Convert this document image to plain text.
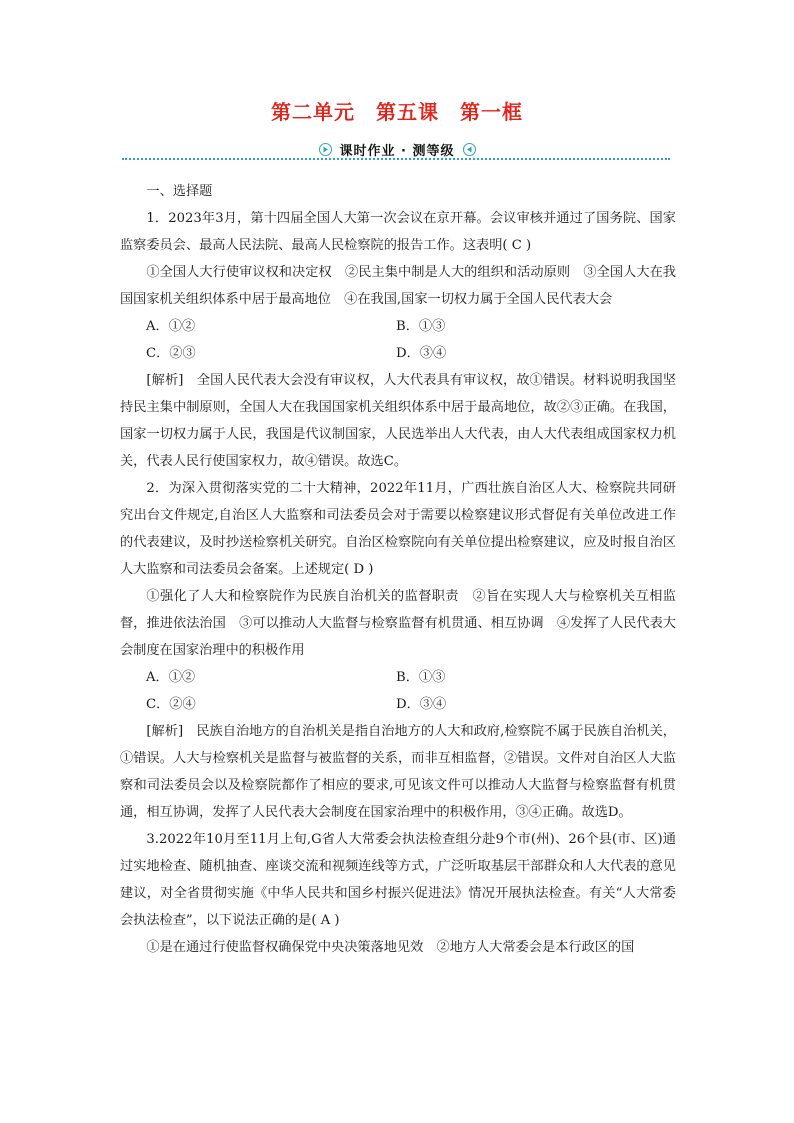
第二单元　第五课　第一框
课时作业 · 测等级

一、选择题

1．2023年3月，第十四届全国人大第一次会议在京开幕。会议审核并通过了国务院、国家监察委员会、最高人民法院、最高人民检察院的报告工作。这表明( C )

①全国人大行使审议权和决定权　②民主集中制是人大的组织和活动原则　③全国人大在我国国家机关组织体系中居于最高地位　④在我国,国家一切权力属于全国人民代表大会

A．①②	B．①③
C．②③	D．③④

[解析]　全国人民代表大会没有审议权，人大代表具有审议权，故①错误。材料说明我国坚持民主集中制原则，全国人大在我国国家机关组织体系中居于最高地位，故②③正确。在我国，国家一切权力属于人民，我国是代议制国家，人民选举出人大代表，由人大代表组成国家权力机关，代表人民行使国家权力，故④错误。故选C。

2．为深入贯彻落实党的二十大精神，2022年11月，广西壮族自治区人大、检察院共同研究出台文件规定,自治区人大监察和司法委员会对于需要以检察建议形式督促有关单位改进工作的代表建议，及时抄送检察机关研究。自治区检察院向有关单位提出检察建议，应及时报自治区人大监察和司法委员会备案。上述规定( D )

①强化了人大和检察院作为民族自治机关的监督职责　②旨在实现人大与检察机关互相监督，推进依法治国　③可以推动人大监督与检察监督有机贯通、相互协调　④发挥了人民代表大会制度在国家治理中的积极作用

A．①②	B．①③
C．②④	D．③④

[解析]　民族自治地方的自治机关是指自治地方的人大和政府,检察院不属于民族自治机关，①错误。人大与检察机关是监督与被监督的关系，而非互相监督，②错误。文件对自治区人大监察和司法委员会以及检察院都作了相应的要求,可见该文件可以推动人大监督与检察监督有机贯通，相互协调，发挥了人民代表大会制度在国家治理中的积极作用，③④正确。故选D。

3.2022年10月至11月上旬,G省人大常委会执法检查组分赴9个市(州)、26个县(市、区)通过实地检查、随机抽查、座谈交流和视频连线等方式，广泛听取基层干部群众和人大代表的意见建议，对全省贯彻实施《中华人民共和国乡村振兴促进法》情况开展执法检查。有关“人大常委会执法检查”，以下说法正确的是( A )

①是在通过行使监督权确保党中央决策落地见效　②地方人大常委会是本行政区的国
